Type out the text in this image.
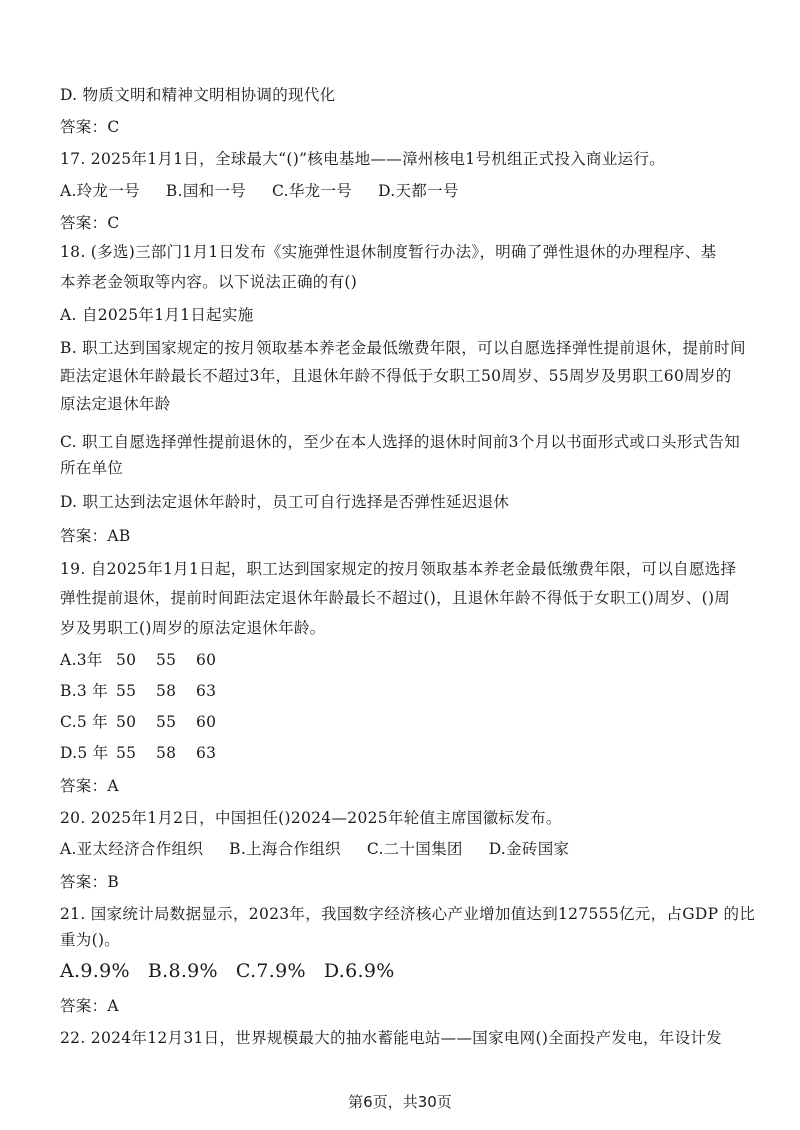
D. 物质文明和精神文明相协调的现代化
答案：C
17. 2025年1月1日，全球最大“()”核电基地——漳州核电1号机组正式投入商业运行。
A.玲龙一号 B.国和一号 C.华龙一号 D.天都一号
答案：C
18. (多选)三部门1月1日发布《实施弹性退休制度暂行办法》，明确了弹性退休的办理程序、基
本养老金领取等内容。以下说法正确的有()
A. 自2025年1月1日起实施
B. 职工达到国家规定的按月领取基本养老金最低缴费年限，可以自愿选择弹性提前退休，提前时间
距法定退休年龄最长不超过3年，且退休年龄不得低于女职工50周岁、55周岁及男职工60周岁的
原法定退休年龄
C. 职工自愿选择弹性提前退休的，至少在本人选择的退休时间前3个月以书面形式或口头形式告知
所在单位
D. 职工达到法定退休年龄时，员工可自行选择是否弹性延迟退休
答案：AB
19. 自2025年1月1日起，职工达到国家规定的按月领取基本养老金最低缴费年限，可以自愿选择
弹性提前退休，提前时间距法定退休年龄最长不超过()，且退休年龄不得低于女职工()周岁、()周
岁及男职工()周岁的原法定退休年龄。
A.3年 50 55 60
B.3 年 55 58 63
C.5 年 50 55 60
D.5 年 55 58 63
答案：A
20. 2025年1月2日，中国担任()2024—2025年轮值主席国徽标发布。
A.亚太经济合作组织 B.上海合作组织 C.二十国集团 D.金砖国家
答案：B
21. 国家统计局数据显示，2023年，我国数字经济核心产业增加值达到127555亿元，占GDP 的比
重为()。
A.9.9% B.8.9% C.7.9% D.6.9%
答案：A
22. 2024年12月31日，世界规模最大的抽水蓄能电站——国家电网()全面投产发电，年设计发
第6页，共30页
